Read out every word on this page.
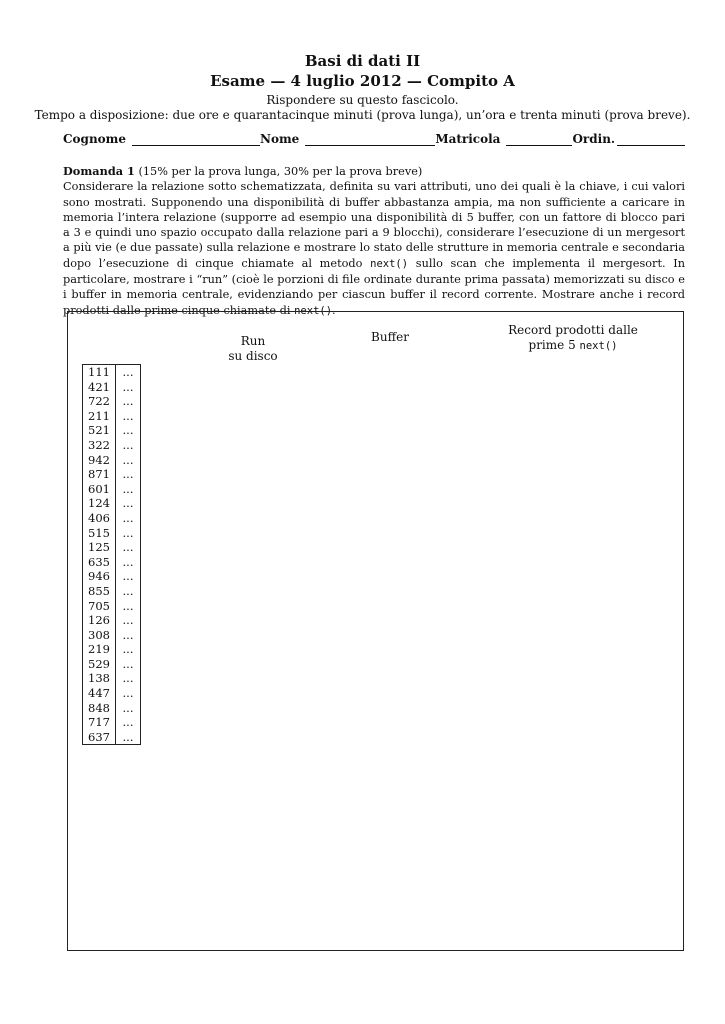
Basi di dati II
Esame — 4 luglio 2012 — Compito A
Rispondere su questo fascicolo.
Tempo a disposizione: due ore e quarantacinque minuti (prova lunga), un’ora e trenta minuti (prova breve).
Cognome	Nome	Matricola	Ordin.
Domanda 1 (15% per la prova lunga, 30% per la prova breve)
Considerare la relazione sotto schematizzata, definita su vari attributi, uno dei quali è la chiave, i cui valori sono mostrati. Supponendo una disponibilità di buffer abbastanza ampia, ma non sufficiente a caricare in memoria l’intera relazione (supporre ad esempio una disponibilità di 5 buffer, con un fattore di blocco pari a 3 e quindi uno spazio occupato dalla relazione pari a 9 blocchi), considerare l’esecuzione di un mergesort a più vie (e due passate) sulla relazione e mostrare lo stato delle strutture in memoria centrale e secondaria dopo l’esecuzione di cinque chiamate al metodo next() sullo scan che implementa il mergesort. In particolare, mostrare i “run” (cioè le porzioni di file ordinate durante prima passata) memorizzati su disco e i buffer in memoria centrale, evidenziando per ciascun buffer il record corrente. Mostrare anche i record prodotti dalle prime cinque chiamate di next().
Run
su disco
Buffer	Record prodotti dalle
prime 5 next()
111	...
421	...
722	...
211	...
521	...
322	...
942	...
871	...
601	...
124	...
406	...
515	...
125	...
635	...
946	...
855	...
705	...
126	...
308	...
219	...
529	...
138	...
447	...
848	...
717	...
637	...
